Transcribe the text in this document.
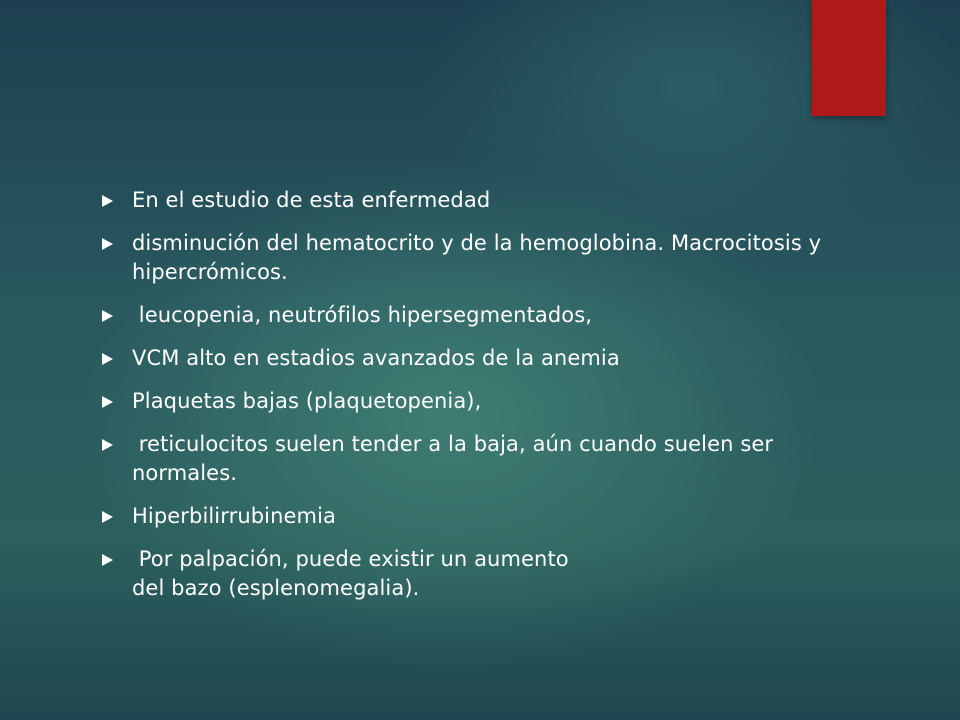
En el estudio de esta enfermedad
disminución del hematocrito y de la hemoglobina. Macrocitosis y  hipercrómicos.
leucopenia, neutrófilos hipersegmentados,
VCM alto en estadios avanzados de la anemia
Plaquetas bajas (plaquetopenia),
reticulocitos suelen tender a la baja, aún cuando suelen ser normales.
Hiperbilirrubinemia
Por palpación, puede existir un aumento
del bazo (esplenomegalia).
